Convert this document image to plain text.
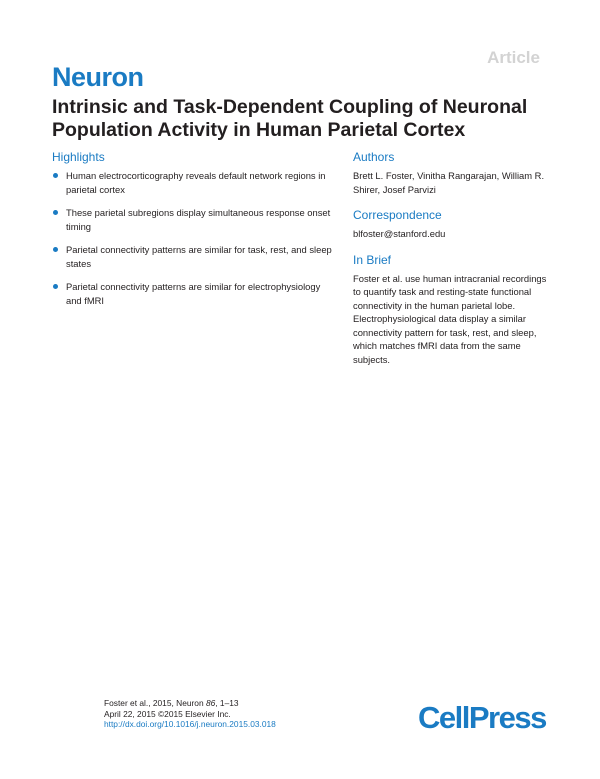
Article
Neuron
Intrinsic and Task-Dependent Coupling of Neuronal Population Activity in Human Parietal Cortex
Highlights
Human electrocorticography reveals default network regions in parietal cortex
These parietal subregions display simultaneous response onset timing
Parietal connectivity patterns are similar for task, rest, and sleep states
Parietal connectivity patterns are similar for electrophysiology and fMRI
Authors

Brett L. Foster, Vinitha Rangarajan, William R. Shirer, Josef Parvizi

Correspondence

blfoster@stanford.edu

In Brief

Foster et al. use human intracranial recordings to quantify task and resting-state functional connectivity in the human parietal lobe. Electrophysiological data display a similar connectivity pattern for task, rest, and sleep, which matches fMRI data from the same subjects.

Foster et al., 2015, Neuron 86, 1–13
April 22, 2015 ©2015 Elsevier Inc.
http://dx.doi.org/10.1016/j.neuron.2015.03.018	CellPress
